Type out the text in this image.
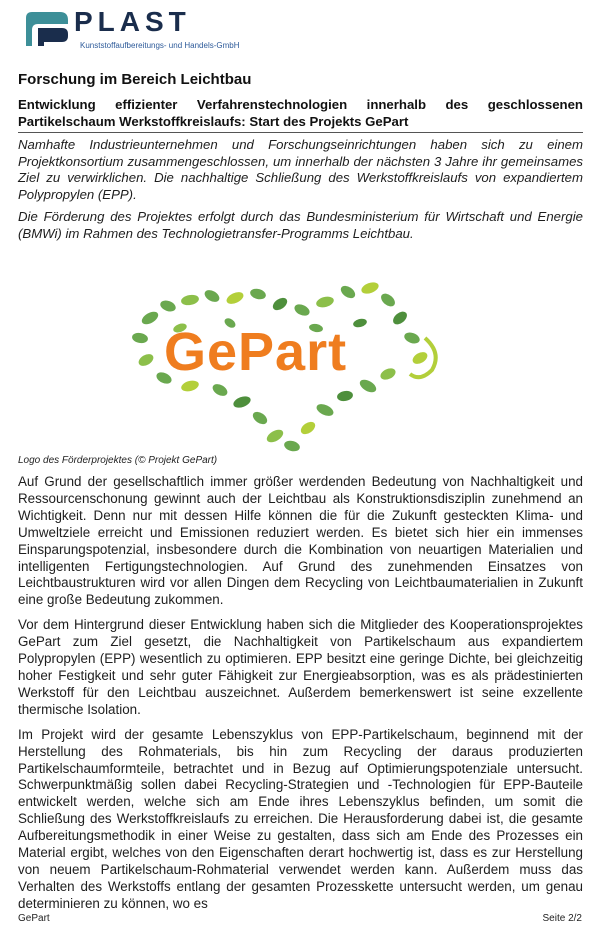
PLAST
Kunststoffaufbereitungs- und Handels-GmbH
Forschung im Bereich Leichtbau
Entwicklung effizienter Verfahrenstechnologien innerhalb des geschlossenen Partikelschaum Werkstoffkreislaufs: Start des Projekts GePart

Namhafte Industrieunternehmen und Forschungseinrichtungen haben sich zu einem Projektkonsortium zusammengeschlossen, um innerhalb der nächsten 3 Jahre ihr gemeinsames Ziel zu verwirklichen. Die nachhaltige Schließung des Werkstoffkreislaufs von expandiertem Polypropylen (EPP).

Die Förderung des Projektes erfolgt durch das Bundesministerium für Wirtschaft und Energie (BMWi) im Rahmen des Technologietransfer-Programms Leichtbau.

GePart
Logo des Förderprojektes (© Projekt GePart)

Auf Grund der gesellschaftlich immer größer werdenden Bedeutung von Nachhaltigkeit und Ressourcenschonung gewinnt auch der Leichtbau als Konstruktionsdisziplin zunehmend an Wichtigkeit. Denn nur mit dessen Hilfe können die für die Zukunft gesteckten Klima- und Umweltziele erreicht und Emissionen reduziert werden. Es bietet sich hier ein immenses Einsparungspotenzial, insbesondere durch die Kombination von neuartigen Materialien und intelligenten Fertigungstechnologien. Auf Grund des zunehmenden Einsatzes von Leichtbaustrukturen wird vor allen Dingen dem Recycling von Leichtbaumaterialien in Zukunft eine große Bedeutung zukommen.

Vor dem Hintergrund dieser Entwicklung haben sich die Mitglieder des Kooperationsprojektes GePart zum Ziel gesetzt, die Nachhaltigkeit von Partikelschaum aus expandiertem Polypropylen (EPP) wesentlich zu optimieren. EPP besitzt eine geringe Dichte, bei gleichzeitig hoher Festigkeit und sehr guter Fähigkeit zur Energieabsorption, was es als prädestinierten Werkstoff für den Leichtbau auszeichnet. Außerdem bemerkenswert ist seine exzellente thermische Isolation.

Im Projekt wird der gesamte Lebenszyklus von EPP-Partikelschaum, beginnend mit der Herstellung des Rohmaterials, bis hin zum Recycling der daraus produzierten Partikelschaumformteile, betrachtet und in Bezug auf Optimierungspotenziale untersucht. Schwerpunktmäßig sollen dabei Recycling-Strategien und -Technologien für EPP-Bauteile entwickelt werden, welche sich am Ende ihres Lebenszyklus befinden, um somit die Schließung des Werkstoffkreislaufs zu erreichen. Die Herausforderung dabei ist, die gesamte Aufbereitungsmethodik in einer Weise zu gestalten, dass sich am Ende des Prozesses ein Material ergibt, welches von den Eigenschaften derart hochwertig ist, dass es zur Herstellung von neuem Partikelschaum-Rohmaterial verwendet werden kann. Außerdem muss das Verhalten des Werkstoffs entlang der gesamten Prozesskette untersucht werden, um genau determinieren zu können, wo es

GePart	Seite 2/2
